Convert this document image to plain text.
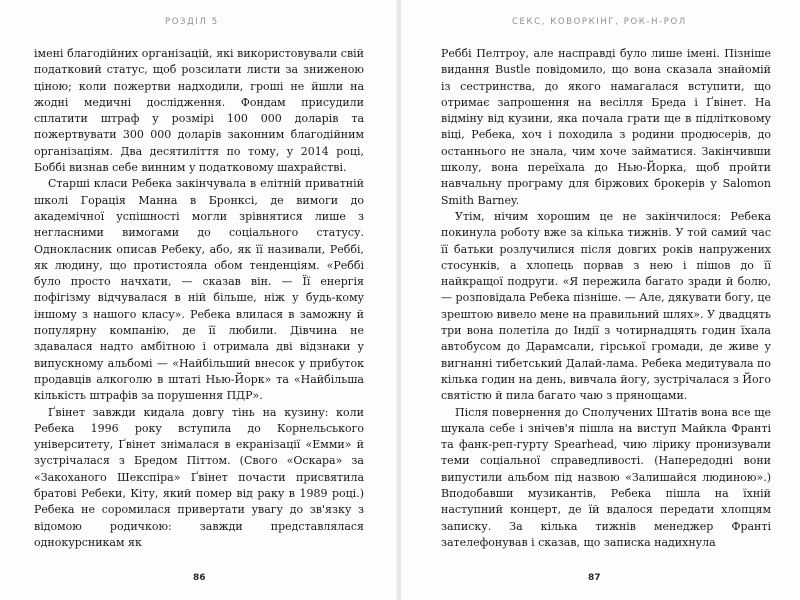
РОЗДІЛ 5

імені благодійних організацій, які використовували свій податковий статус, щоб розсилати листи за зниженою ціною; коли пожертви надходили, гроші не йшли на жодні медичні дослідження. Фондам присудили сплатити штраф у розмірі 100 000 доларів та пожертвувати 300 000 доларів законним благодійним організаціям. Два десятиліття по тому, у 2014 році, Боббі визнав себе винним у податковому шахрайстві.

Старші класи Ребека закінчувала в елітній приватній школі Горація Манна в Бронксі, де вимоги до академічної успішності могли зрівнятися лише з негласними вимогами до соціального статусу. Однокласник описав Ребеку, або, як її називали, Реббі, як людину, що протистояла обом тенденціям. «Реббі було просто начхати, — сказав він. — Її енергія пофігізму відчувалася в ній більше, ніж у будь-кому іншому з нашого класу». Ребека влилася в заможну й популярну компанію, де її любили. Дівчина не здавалася надто амбітною і отримала дві відзнаки у випускному альбомі — «Найбільший внесок у прибуток продавців алкоголю в штаті Нью-Йорк» та «Найбільша кількість штрафів за порушення ПДР».

Ґвінет завжди кидала довгу тінь на кузину: коли Ребека 1996 року вступила до Корнельського університету, Ґвінет знімалася в екранізації «Емми» й зустрічалася з Бредом Піттом. (Свого «Оскара» за «Закоханого Шекспіра» Ґвінет почасти присвятила братові Ребеки, Кіту, який помер від раку в 1989 році.) Ребека не соромилася привертати увагу до зв'язку з відомою родичкою: завжди представлялася однокурсникам як

86
СЕКС, КОВОРКІНГ, РОК-Н-РОЛ

Реббі Пелтроу, але насправді було лише імені. Пізніше видання Bustle повідомило, що вона сказала знайомій із сестринства, до якого намагалася вступити, що отримає запрошення на весілля Бреда і Ґвінет. На відміну від кузини, яка почала грати ще в підлітковому віці, Ребека, хоч і походила з родини продюсерів, до останнього не знала, чим хоче займатися. Закінчивши школу, вона переїхала до Нью-Йорка, щоб пройти навчальну програму для біржових брокерів у Salomon Smith Barney.

Утім, нічим хорошим це не закінчилося: Ребека покинула роботу вже за кілька тижнів. У той самий час її батьки розлучилися після довгих років напружених стосунків, а хлопець порвав з нею і пішов до її найкращої подруги. «Я пережила багато зради й болю, — розповідала Ребека пізніше. — Але, дякувати богу, це зрештою вивело мене на правильний шлях». У двадцять три вона полетіла до Індії з чотирнадцять годин їхала автобусом до Дарамсали, гірської громади, де живе у вигнанні тибетський Далай-лама. Ребека медитувала по кілька годин на день, вивчала йогу, зустрічалася з Його святістю й пила багато чаю з прянощами.

Після повернення до Сполучених Штатів вона все ще шукала себе і знічев'я пішла на виступ Майкла Франті та фанк-реп-гурту Spearhead, чию лірику пронизували теми соціальної справедливості. (Напередодні вони випустили альбом під назвою «Залишайся людиною».) Вподобавши музикантів, Ребека пішла на їхній наступний концерт, де їй вдалося передати хлопцям записку. За кілька тижнів менеджер Франті зателефонував і сказав, що записка надихнула

87
